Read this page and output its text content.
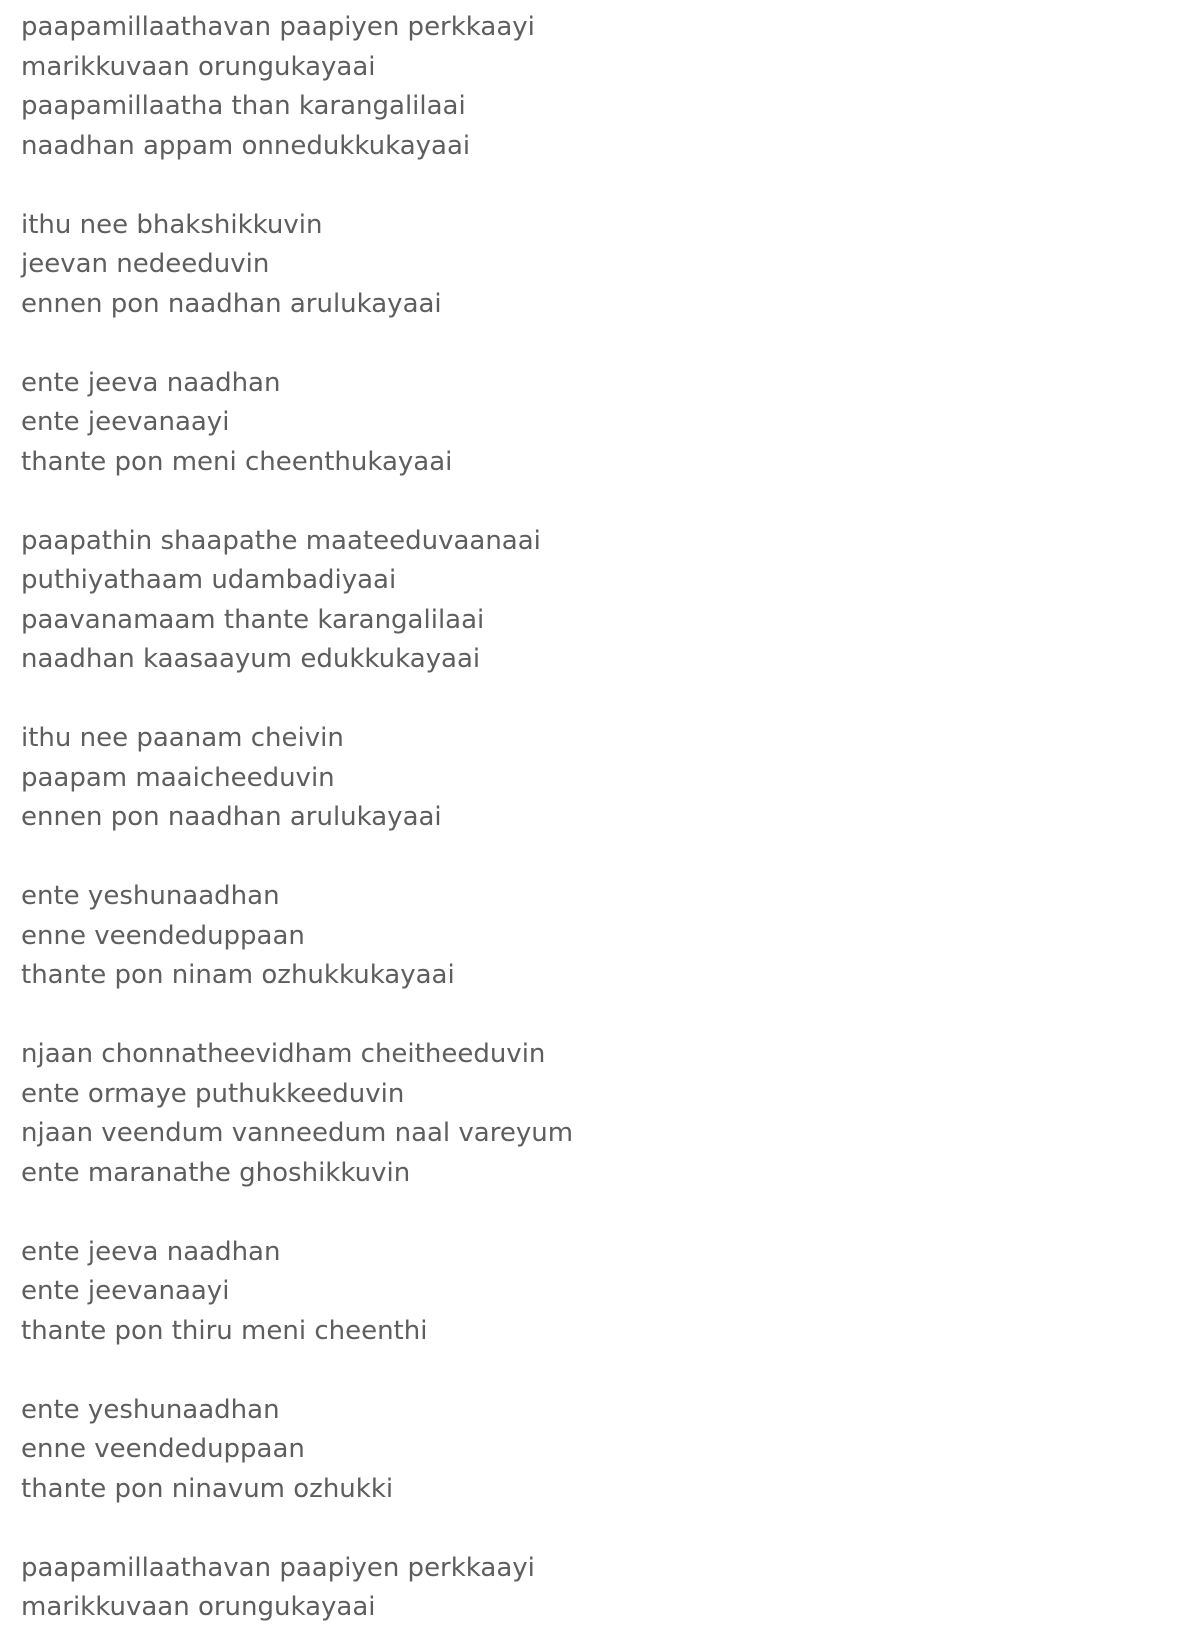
paapamillaathavan paapiyen perkkaayi
marikkuvaan orungukayaai
paapamillaatha than karangalilaai
naadhan appam onnedukkukayaai
ithu nee bhakshikkuvin
jeevan nedeeduvin
ennen pon naadhan arulukayaai
ente jeeva naadhan
ente jeevanaayi
thante pon meni cheenthukayaai
paapathin shaapathe maateeduvaanaai
puthiyathaam udambadiyaai
paavanamaam thante karangalilaai
naadhan kaasaayum edukkukayaai
ithu nee paanam cheivin
paapam maaicheeduvin
ennen pon naadhan arulukayaai
ente yeshunaadhan
enne veendeduppaan
thante pon ninam ozhukkukayaai
njaan chonnatheevidham cheitheeduvin
ente ormaye puthukkeeduvin
njaan veendum vanneedum naal vareyum
ente maranathe ghoshikkuvin
ente jeeva naadhan
ente jeevanaayi
thante pon thiru meni cheenthi
ente yeshunaadhan
enne veendeduppaan
thante pon ninavum ozhukki
paapamillaathavan paapiyen perkkaayi
marikkuvaan orungukayaai
